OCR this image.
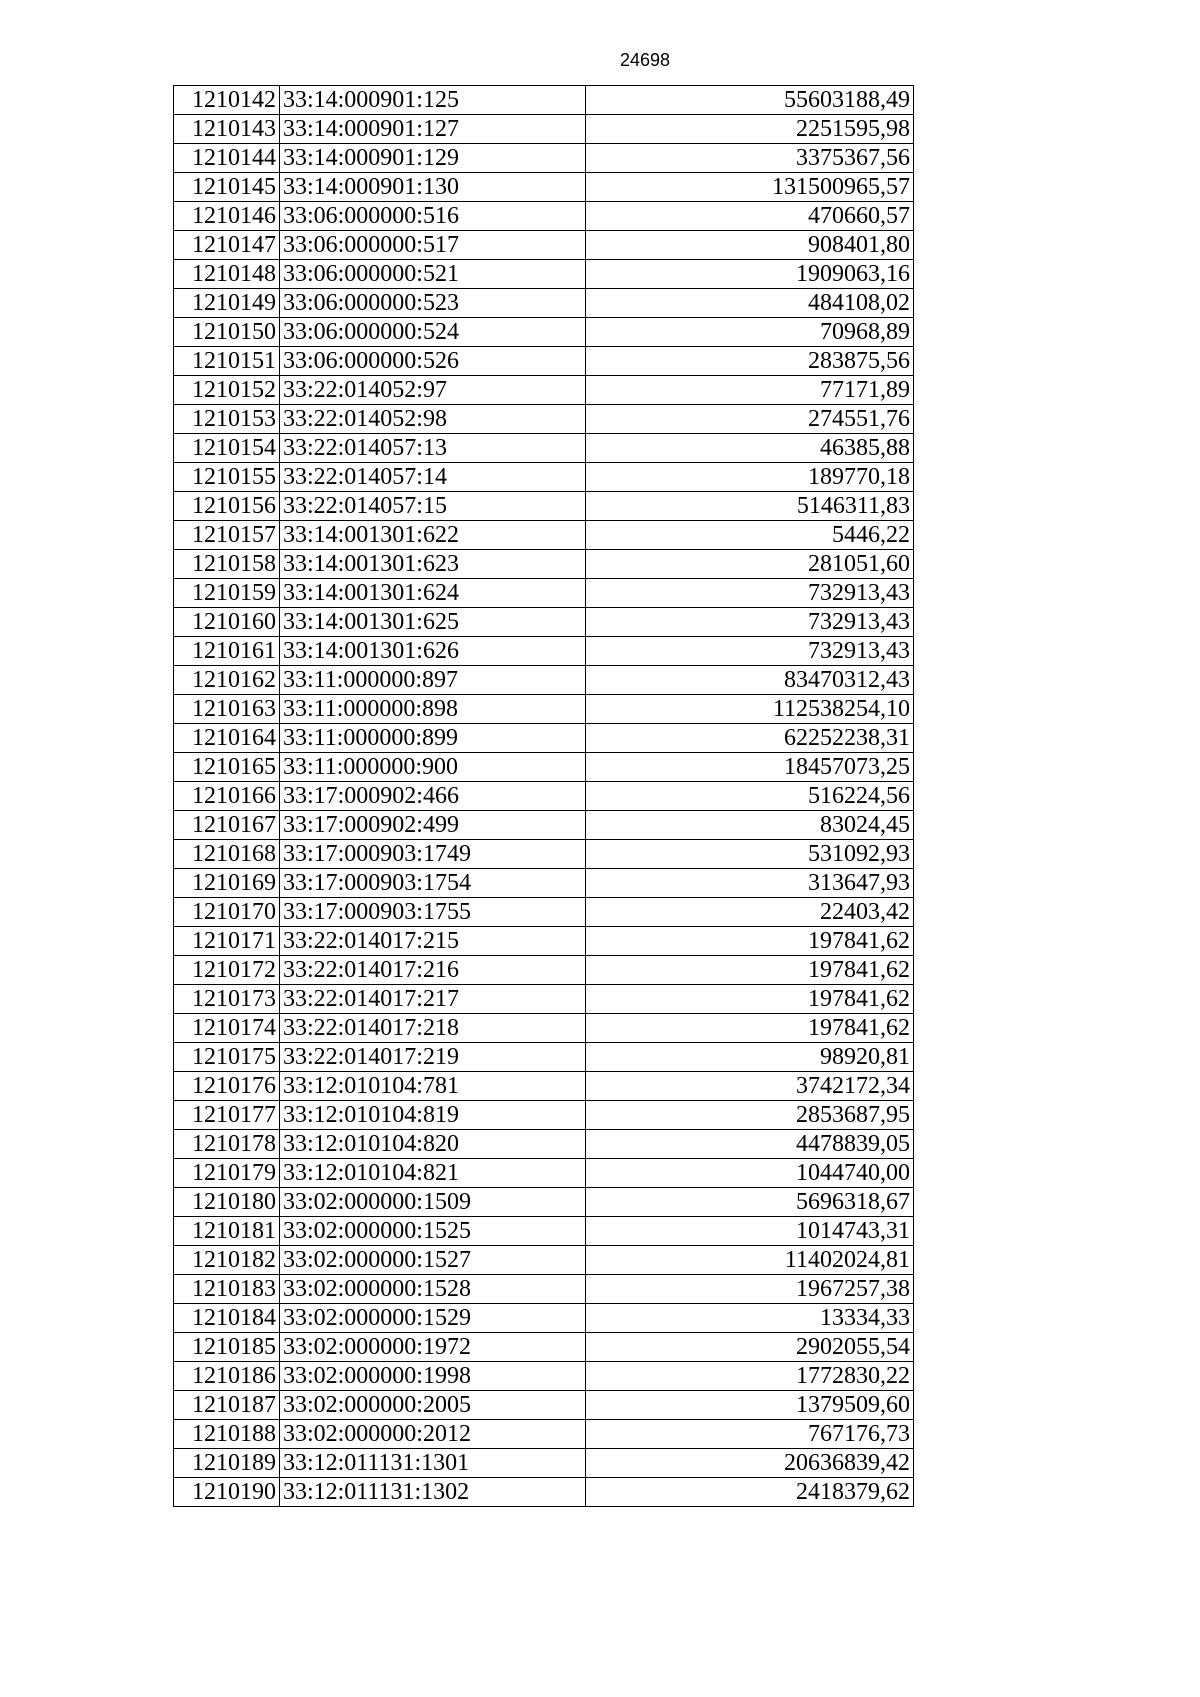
24698
1210142	33:14:000901:125	55603188,49
1210143	33:14:000901:127	2251595,98
1210144	33:14:000901:129	3375367,56
1210145	33:14:000901:130	131500965,57
1210146	33:06:000000:516	470660,57
1210147	33:06:000000:517	908401,80
1210148	33:06:000000:521	1909063,16
1210149	33:06:000000:523	484108,02
1210150	33:06:000000:524	70968,89
1210151	33:06:000000:526	283875,56
1210152	33:22:014052:97	77171,89
1210153	33:22:014052:98	274551,76
1210154	33:22:014057:13	46385,88
1210155	33:22:014057:14	189770,18
1210156	33:22:014057:15	5146311,83
1210157	33:14:001301:622	5446,22
1210158	33:14:001301:623	281051,60
1210159	33:14:001301:624	732913,43
1210160	33:14:001301:625	732913,43
1210161	33:14:001301:626	732913,43
1210162	33:11:000000:897	83470312,43
1210163	33:11:000000:898	112538254,10
1210164	33:11:000000:899	62252238,31
1210165	33:11:000000:900	18457073,25
1210166	33:17:000902:466	516224,56
1210167	33:17:000902:499	83024,45
1210168	33:17:000903:1749	531092,93
1210169	33:17:000903:1754	313647,93
1210170	33:17:000903:1755	22403,42
1210171	33:22:014017:215	197841,62
1210172	33:22:014017:216	197841,62
1210173	33:22:014017:217	197841,62
1210174	33:22:014017:218	197841,62
1210175	33:22:014017:219	98920,81
1210176	33:12:010104:781	3742172,34
1210177	33:12:010104:819	2853687,95
1210178	33:12:010104:820	4478839,05
1210179	33:12:010104:821	1044740,00
1210180	33:02:000000:1509	5696318,67
1210181	33:02:000000:1525	1014743,31
1210182	33:02:000000:1527	11402024,81
1210183	33:02:000000:1528	1967257,38
1210184	33:02:000000:1529	13334,33
1210185	33:02:000000:1972	2902055,54
1210186	33:02:000000:1998	1772830,22
1210187	33:02:000000:2005	1379509,60
1210188	33:02:000000:2012	767176,73
1210189	33:12:011131:1301	20636839,42
1210190	33:12:011131:1302	2418379,62
